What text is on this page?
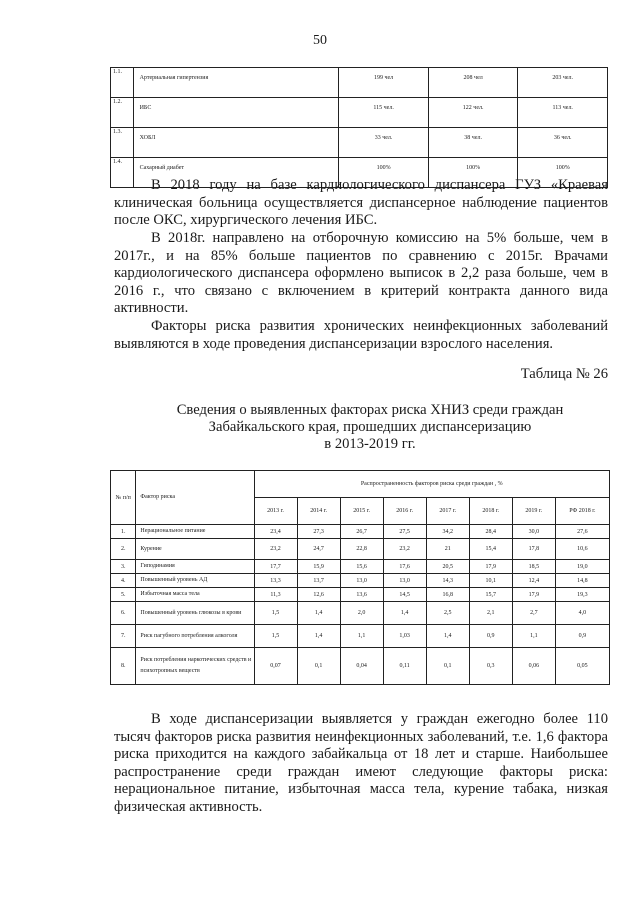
50
1.1.	Артериальная гипертензия	199 чел	208 чел	203 чел.
1.2.	ИБС	115 чел.	122 чел.	113 чел.
1.3.	ХОБЛ	33 чел.	38 чел.	36 чел.
1.4.	Сахарный диабет	100%	100%	100%

В 2018 году на базе кардиологического диспансера ГУЗ «Краевая клиническая больница осуществляется диспансерное наблюдение пациентов после ОКС, хирургического лечения ИБС.

В 2018г. направлено на отборочную комиссию на 5% больше, чем в 2017г., и на 85% больше пациентов по сравнению с 2015г. Врачами кардиологического диспансера оформлено выписок в 2,2 раза больше, чем в 2016 г., что связано с включением в критерий контракта данного вида активности.

Факторы риска развития хронических неинфекционных заболеваний выявляются в ходе проведения диспансеризации взрослого населения.

Таблица № 26
Сведения о выявленных факторах риска ХНИЗ среди граждан
Забайкальского края, прошедших диспансеризацию
в 2013-2019 гг.
№ п/п	Фактор риска	Распространенность факторов риска среди граждан , %							
		2013 г.	2014 г.	2015 г.	2016 г.	2017 г.	2018 г.	2019 г.	РФ 2018 г.
1.	Нерациональное питание	23,4	27,3	26,7	27,5	34,2	28,4	30,0	27,6
2.	Курение	23,2	24,7	22,8	23,2	21	15,4	17,8	10,6
3.	Гиподинамия	17,7	15,9	15,6	17,6	20,5	17,9	18,5	19,0
4.	Повышенный уровень АД	13,3	13,7	13,0	13,0	14,3	10,1	12,4	14,8
5.	Избыточная масса тела	11,3	12,6	13,6	14,5	16,8	15,7	17,9	19,3
6.	Повышенный уровень глюкозы в крови	1,5	1,4	2,0	1,4	2,5	2,1	2,7	4,0
7.	Риск пагубного потребления алкоголя	1,5	1,4	1,1	1,03	1,4	0,9	1,1	0,9
8.	Риск потребления наркотических средств и психотропных веществ	0,07	0,1	0,04	0,11	0,1	0,3	0,06	0,05

В ходе диспансеризации выявляется у граждан ежегодно более 110 тысяч факторов риска развития неинфекционных заболеваний, т.е. 1,6 фактора риска приходится на каждого забайкальца от 18 лет и старше. Наибольшее распространение среди граждан имеют следующие факторы риска: нерациональное питание, избыточная масса тела, курение табака, низкая физическая активность.
